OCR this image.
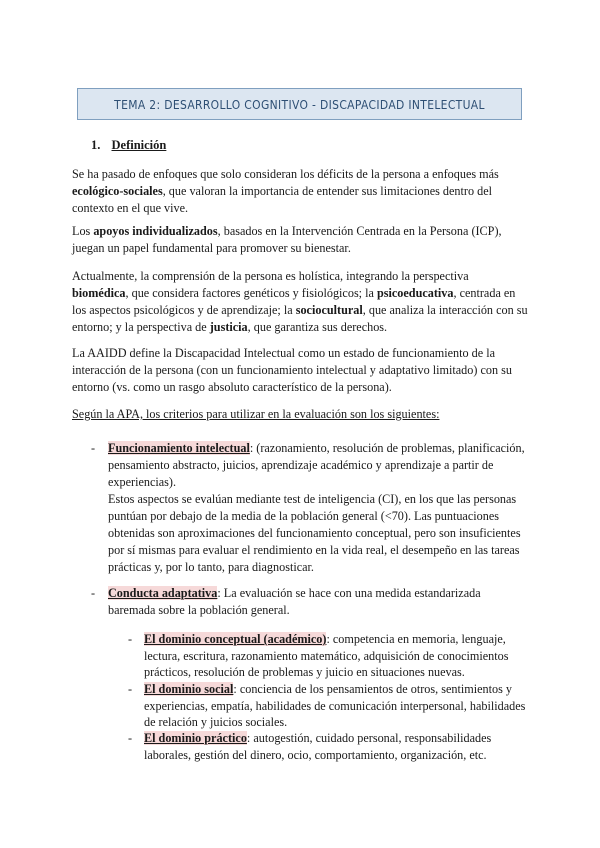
TEMA 2: DESARROLLO COGNITIVO - DISCAPACIDAD INTELECTUAL
1. Definición

Se ha pasado de enfoques que solo consideran los déficits de la persona a enfoques más ecológico-sociales, que valoran la importancia de entender sus limitaciones dentro del contexto en el que vive.

Los apoyos individualizados, basados en la Intervención Centrada en la Persona (ICP), juegan un papel fundamental para promover su bienestar.

Actualmente, la comprensión de la persona es holística, integrando la perspectiva biomédica, que considera factores genéticos y fisiológicos; la psicoeducativa, centrada en los aspectos psicológicos y de aprendizaje; la sociocultural, que analiza la interacción con su entorno; y la perspectiva de justicia, que garantiza sus derechos.

La AAIDD define la Discapacidad Intelectual como un estado de funcionamiento de la interacción de la persona (con un funcionamiento intelectual y adaptativo limitado) con su entorno (vs. como un rasgo absoluto característico de la persona).

Según la APA, los criterios para utilizar en la evaluación son los siguientes:
- Funcionamiento intelectual: (razonamiento, resolución de problemas, planificación, pensamiento abstracto, juicios, aprendizaje académico y aprendizaje a partir de experiencias).

Estos aspectos se evalúan mediante test de inteligencia (CI), en los que las personas puntúan por debajo de la media de la población general (<70). Las puntuaciones obtenidas son aproximaciones del funcionamiento conceptual, pero son insuficientes por sí mismas para evaluar el rendimiento en la vida real, el desempeño en las tareas prácticas y, por lo tanto, para diagnosticar.

- Conducta adaptativa: La evaluación se hace con una medida estandarizada baremada sobre la población general.

- El dominio conceptual (académico): competencia en memoria, lenguaje, lectura, escritura, razonamiento matemático, adquisición de conocimientos prácticos, resolución de problemas y juicio en situaciones nuevas.

- El dominio social: conciencia de los pensamientos de otros, sentimientos y experiencias, empatía, habilidades de comunicación interpersonal, habilidades de relación y juicios sociales.

- El dominio práctico: autogestión, cuidado personal, responsabilidades laborales, gestión del dinero, ocio, comportamiento, organización, etc.
